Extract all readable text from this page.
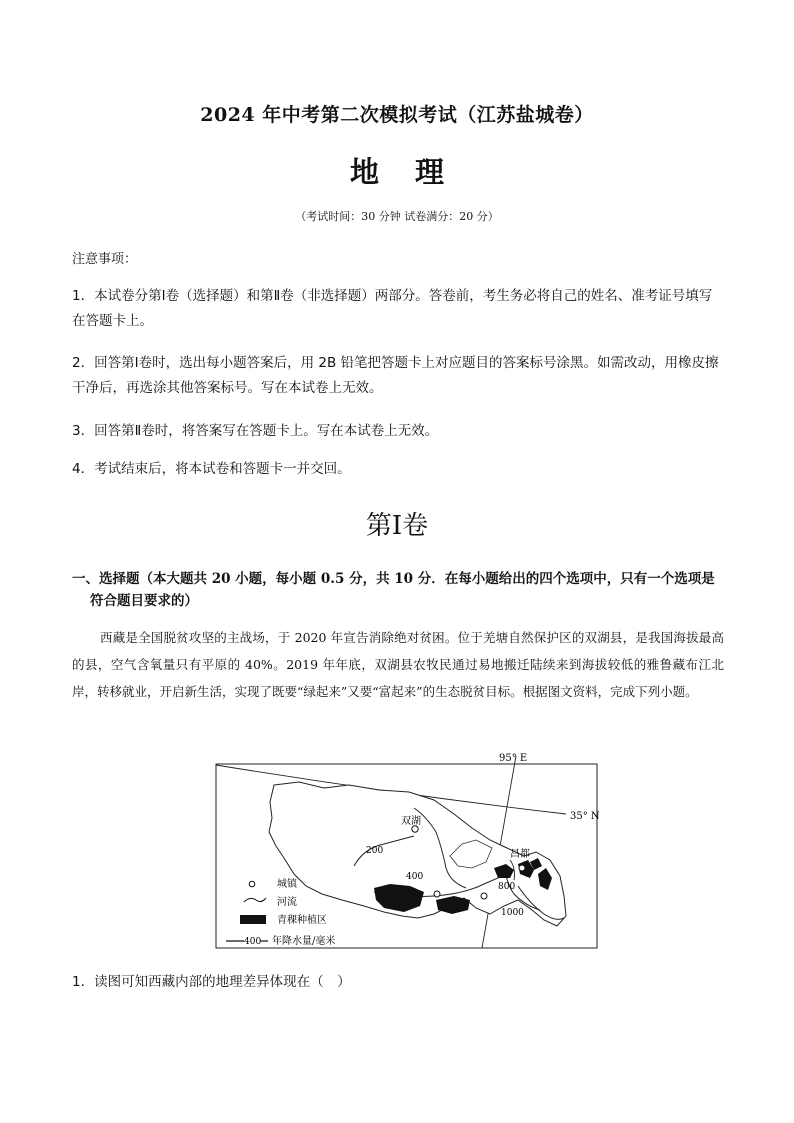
2024 年中考第二次模拟考试（江苏盐城卷）
地理
（考试时间：30 分钟 试卷满分：20 分）
注意事项：
1．本试卷分第Ⅰ卷（选择题）和第Ⅱ卷（非选择题）两部分。答卷前，考生务必将自己的姓名、准考证号填写在答题卡上。
2．回答第Ⅰ卷时，选出每小题答案后，用 2B 铅笔把答题卡上对应题目的答案标号涂黑。如需改动，用橡皮擦干净后，再选涂其他答案标号。写在本试卷上无效。
3．回答第Ⅱ卷时，将答案写在答题卡上。写在本试卷上无效。
4．考试结束后，将本试卷和答题卡一并交回。
第Ⅰ卷
一、选择题（本大题共 20 小题，每小题 0.5 分，共 10 分．在每小题给出的四个选项中，只有一个选项是
符合题目要求的）
西藏是全国脱贫攻坚的主战场，于 2020 年宣告消除绝对贫困。位于羌塘自然保护区的双湖县，是我国海拔最高的县，空气含氧量只有平原的 40%。2019 年年底，双湖县农牧民通过易地搬迁陆续来到海拔较低的雅鲁藏布江北岸，转移就业，开启新生活，实现了既要“绿起来”又要“富起来”的生态脱贫目标。根据图文资料，完成下列小题。
95° E
35° N
200
400
800
1000
双湖
昌都
城镇
河流
青稞种植区
400 年降水量/毫米
1．读图可知西藏内部的地理差异体现在（　）
